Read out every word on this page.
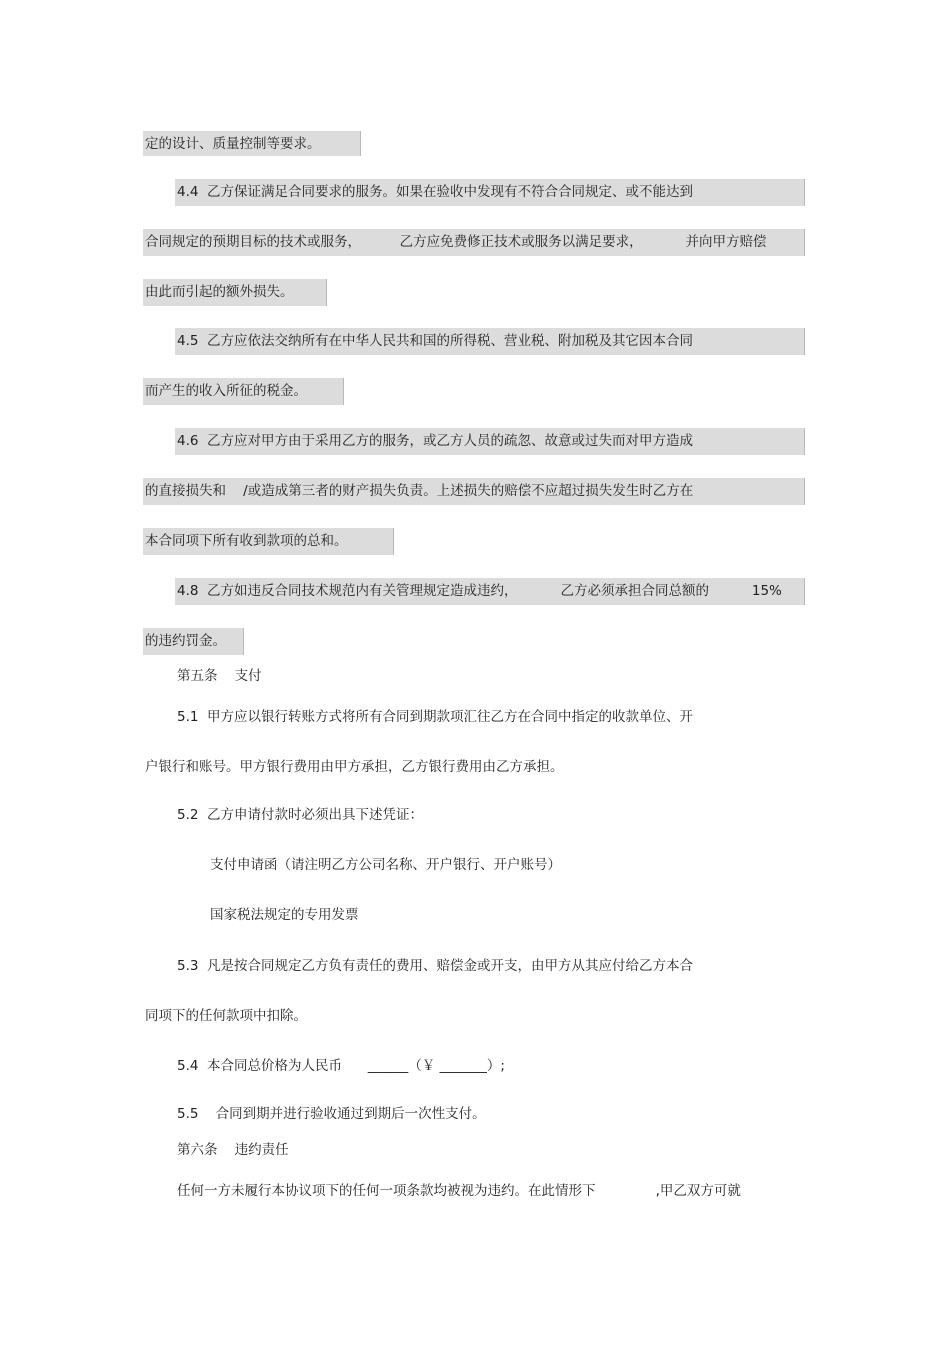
定的设计、质量控制等要求。
4.4  乙方保证满足合同要求的服务。如果在验收中发现有不符合合同规定、或不能达到
合同规定的预期目标的技术或服务，         乙方应免费修正技术或服务以满足要求，          并向甲方赔偿
由此而引起的额外损失。
4.5  乙方应依法交纳所有在中华人民共和国的所得税、营业税、附加税及其它因本合同
而产生的收入所征的税金。
4.6  乙方应对甲方由于采用乙方的服务，或乙方人员的疏忽、故意或过失而对甲方造成
的直接损失和    /或造成第三者的财产损失负责。上述损失的赔偿不应超过损失发生时乙方在
本合同项下所有收到款项的总和。
4.8  乙方如违反合同技术规范内有关管理规定造成违约，          乙方必须承担合同总额的          15%
的违约罚金。
第五条    支付
5.1  甲方应以银行转账方式将所有合同到期款项汇往乙方在合同中指定的收款单位、开
户银行和账号。甲方银行费用由甲方承担，乙方银行费用由乙方承担。
5.2  乙方申请付款时必须出具下述凭证：
支付申请函（请注明乙方公司名称、开户银行、开户账号）
国家税法规定的专用发票
5.3  凡是按合同规定乙方负有责任的费用、赔偿金或开支，由甲方从其应付给乙方本合
同项下的任何款项中扣除。
5.4  本合同总价格为人民币      ______（￥ _______）;
5.5    合同到期并进行验收通过到期后一次性支付。
第六条    违约责任
任何一方未履行本协议项下的任何一项条款均被视为违约。在此情形下              ,甲乙双方可就
